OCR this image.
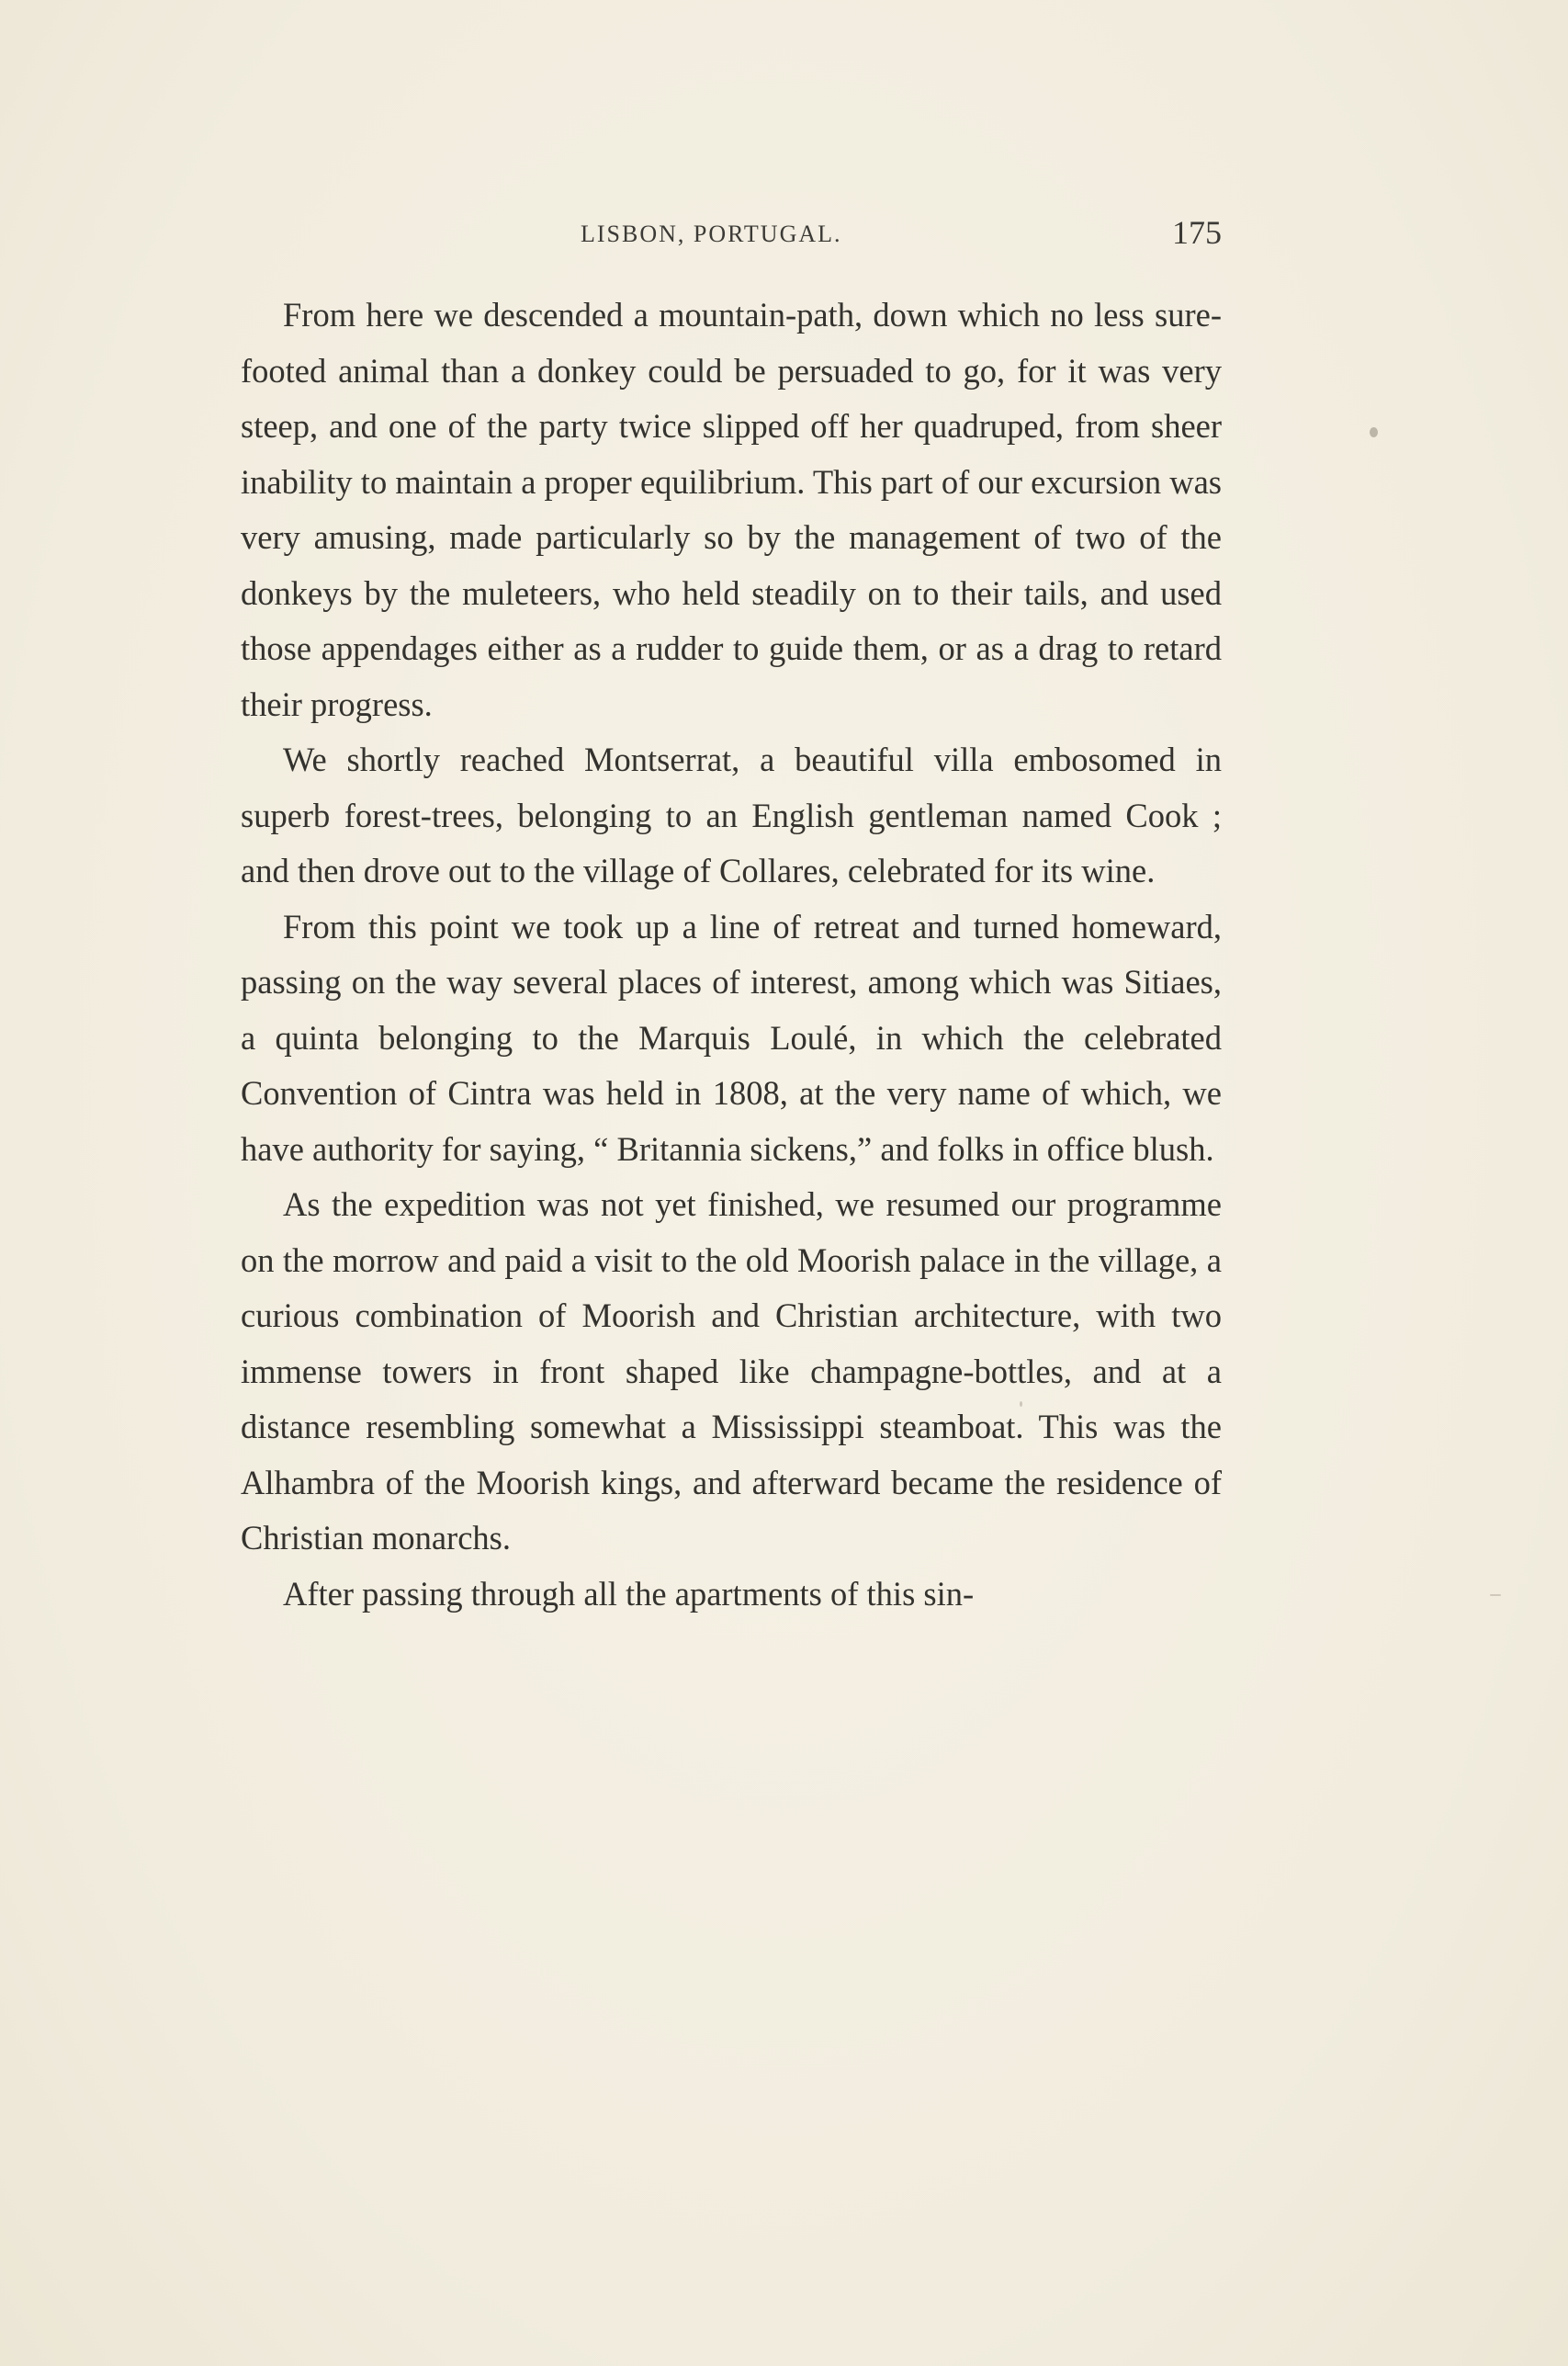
LISBON, PORTUGAL.	175

From here we descended a mountain-path, down which no less sure-footed animal than a donkey could be persuaded to go, for it was very steep, and one of the party twice slipped off her quadruped, from sheer inability to maintain a proper equilibrium. This part of our excursion was very amusing, made particularly so by the management of two of the donkeys by the muleteers, who held steadily on to their tails, and used those appendages either as a rudder to guide them, or as a drag to retard their progress.

We shortly reached Montserrat, a beautiful villa embosomed in superb forest-trees, belonging to an English gentleman named Cook ; and then drove out to the village of Collares, celebrated for its wine.

From this point we took up a line of retreat and turned homeward, passing on the way several places of interest, among which was Sitiaes, a quinta belonging to the Marquis Loulé, in which the celebrated Convention of Cintra was held in 1808, at the very name of which, we have authority for saying, “ Britannia sickens,” and folks in office blush.

As the expedition was not yet finished, we resumed our programme on the morrow and paid a visit to the old Moorish palace in the village, a curious combination of Moorish and Christian architecture, with two immense towers in front shaped like champagne-bottles, and at a distance resembling somewhat a Mississippi steamboat. This was the Alhambra of the Moorish kings, and afterward became the residence of Christian monarchs.

After passing through all the apartments of this sin-
